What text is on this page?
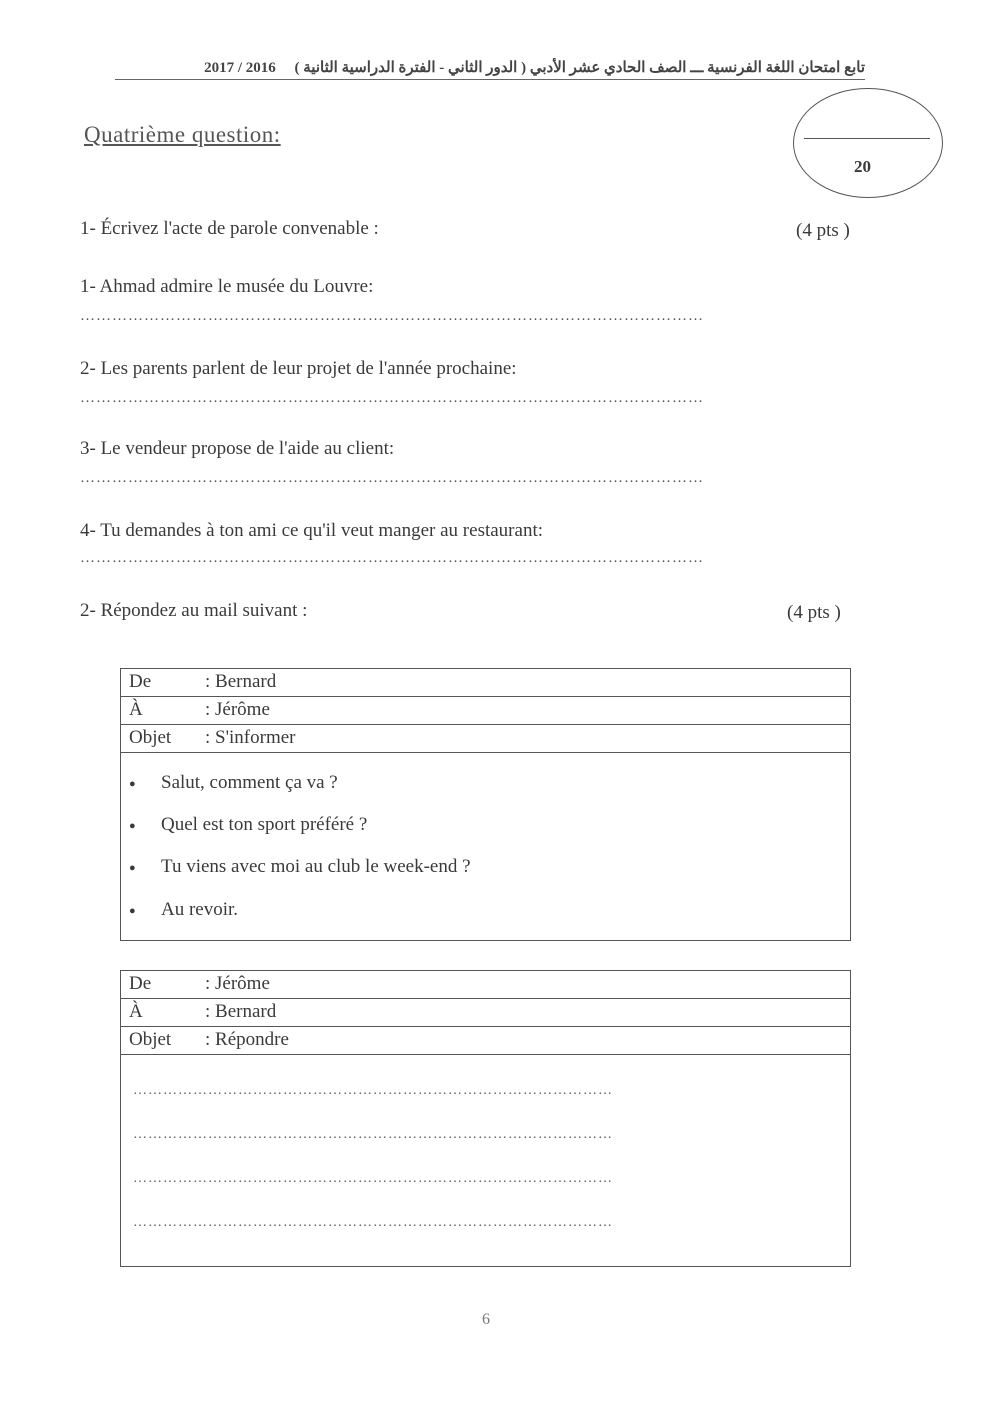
تابع امتحان اللغة الفرنسية ـــ الصف الحادي عشر الأدبي ( الدور الثاني - الفترة الدراسية الثانية )     2017 / 2016
Quatrième question:
20
1- Écrivez l'acte de parole convenable :	(4 pts )
1- Ahmad admire le musée du Louvre:
………………………………………………………………………………………………………
2- Les parents parlent de leur projet de l'année prochaine:
………………………………………………………………………………………………………
3- Le vendeur propose de l'aide au client:
………………………………………………………………………………………………………
4- Tu demandes à ton ami ce qu'il veut manger au restaurant:
………………………………………………………………………………………………………
2- Répondez au mail suivant :	(4 pts )
De	: Bernard
À	: Jérôme
Objet : S'informer
● Salut, comment ça va ?
● Quel est ton sport préféré ?
● Tu viens avec moi au club le week-end ?
● Au revoir.
De	: Jérôme
À	: Bernard
Objet : Répondre
……………………………………………………………………………………
……………………………………………………………………………………
……………………………………………………………………………………
……………………………………………………………………………………
6
